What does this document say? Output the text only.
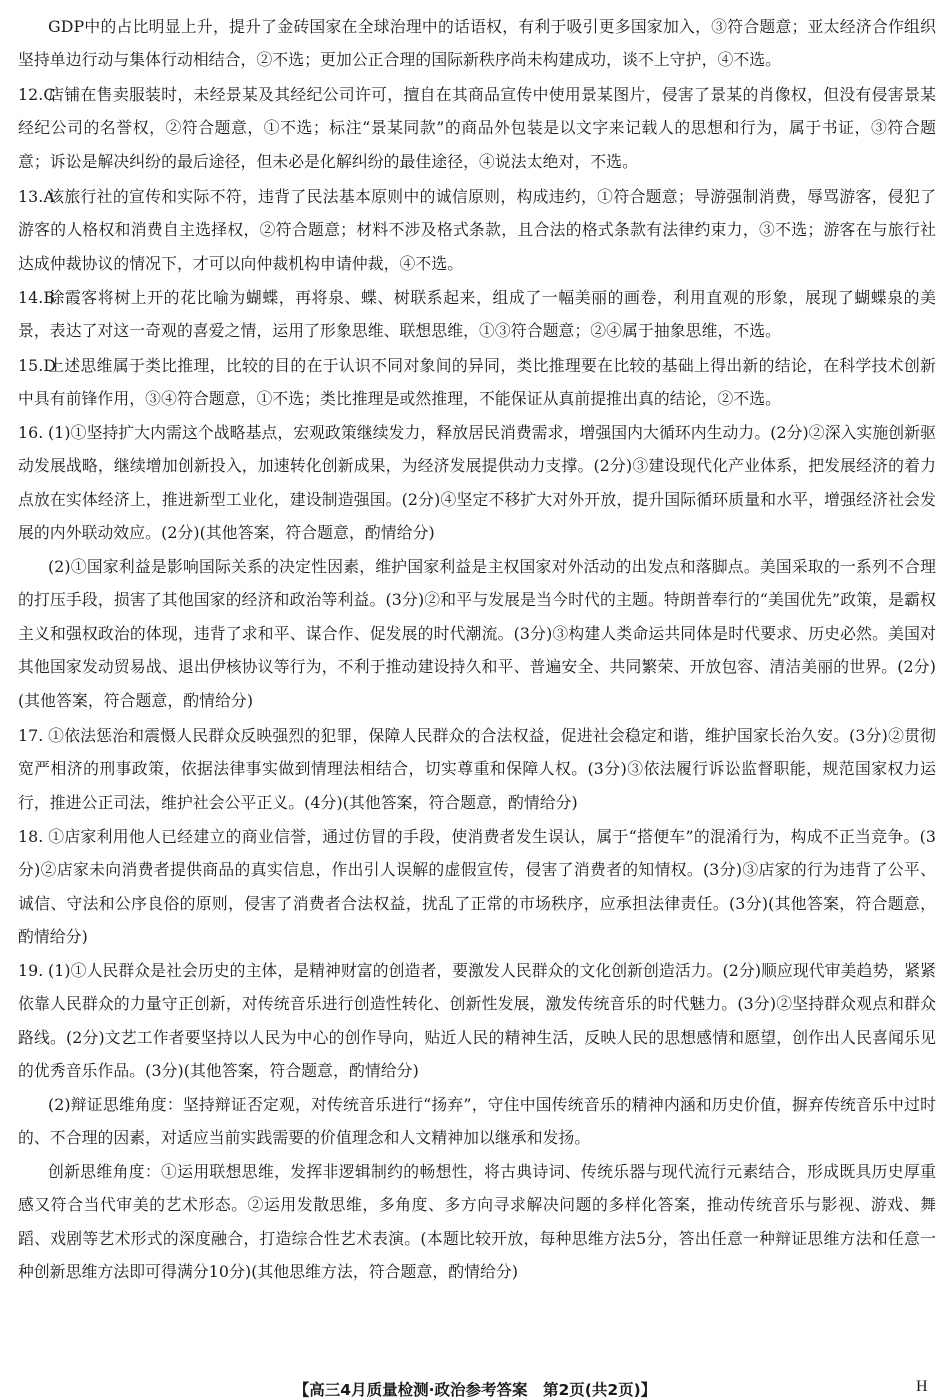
GDP中的占比明显上升，提升了金砖国家在全球治理中的话语权，有利于吸引更多国家加入，③符合题意；亚太经济合作组织坚持单边行动与集体行动相结合，②不选；更加公正合理的国际新秩序尚未构建成功，谈不上守护，④不选。
12.C店铺在售卖服装时，未经景某及其经纪公司许可，擅自在其商品宣传中使用景某图片，侵害了景某的肖像权，但没有侵害景某经纪公司的名誉权，②符合题意，①不选；标注“景某同款”的商品外包装是以文字来记载人的思想和行为，属于书证，③符合题意；诉讼是解决纠纷的最后途径，但未必是化解纠纷的最佳途径，④说法太绝对，不选。
13.A该旅行社的宣传和实际不符，违背了民法基本原则中的诚信原则，构成违约，①符合题意；导游强制消费，辱骂游客，侵犯了游客的人格权和消费自主选择权，②符合题意；材料不涉及格式条款，且合法的格式条款有法律约束力，③不选；游客在与旅行社达成仲裁协议的情况下，才可以向仲裁机构申请仲裁，④不选。
14.B徐霞客将树上开的花比喻为蝴蝶，再将泉、蝶、树联系起来，组成了一幅美丽的画卷，利用直观的形象，展现了蝴蝶泉的美景，表达了对这一奇观的喜爱之情，运用了形象思维、联想思维，①③符合题意；②④属于抽象思维，不选。
15.D上述思维属于类比推理，比较的目的在于认识不同对象间的异同，类比推理要在比较的基础上得出新的结论，在科学技术创新中具有前锋作用，③④符合题意，①不选；类比推理是或然推理，不能保证从真前提推出真的结论，②不选。
16. (1)①坚持扩大内需这个战略基点，宏观政策继续发力，释放居民消费需求，增强国内大循环内生动力。(2分)②深入实施创新驱动发展战略，继续增加创新投入，加速转化创新成果，为经济发展提供动力支撑。(2分)③建设现代化产业体系，把发展经济的着力点放在实体经济上，推进新型工业化，建设制造强国。(2分)④坚定不移扩大对外开放，提升国际循环质量和水平，增强经济社会发展的内外联动效应。(2分)(其他答案，符合题意，酌情给分)
(2)①国家利益是影响国际关系的决定性因素，维护国家利益是主权国家对外活动的出发点和落脚点。美国采取的一系列不合理的打压手段，损害了其他国家的经济和政治等利益。(3分)②和平与发展是当今时代的主题。特朗普奉行的“美国优先”政策，是霸权主义和强权政治的体现，违背了求和平、谋合作、促发展的时代潮流。(3分)③构建人类命运共同体是时代要求、历史必然。美国对其他国家发动贸易战、退出伊核协议等行为，不利于推动建设持久和平、普遍安全、共同繁荣、开放包容、清洁美丽的世界。(2分)(其他答案，符合题意，酌情给分)
17. ①依法惩治和震慑人民群众反映强烈的犯罪，保障人民群众的合法权益，促进社会稳定和谐，维护国家长治久安。(3分)②贯彻宽严相济的刑事政策，依据法律事实做到情理法相结合，切实尊重和保障人权。(3分)③依法履行诉讼监督职能，规范国家权力运行，推进公正司法，维护社会公平正义。(4分)(其他答案，符合题意，酌情给分)
18. ①店家利用他人已经建立的商业信誉，通过仿冒的手段，使消费者发生误认，属于“搭便车”的混淆行为，构成不正当竞争。(3分)②店家未向消费者提供商品的真实信息，作出引人误解的虚假宣传，侵害了消费者的知情权。(3分)③店家的行为违背了公平、诚信、守法和公序良俗的原则，侵害了消费者合法权益，扰乱了正常的市场秩序，应承担法律责任。(3分)(其他答案，符合题意，酌情给分)
19. (1)①人民群众是社会历史的主体，是精神财富的创造者，要激发人民群众的文化创新创造活力。(2分)顺应现代审美趋势，紧紧依靠人民群众的力量守正创新，对传统音乐进行创造性转化、创新性发展，激发传统音乐的时代魅力。(3分)②坚持群众观点和群众路线。(2分)文艺工作者要坚持以人民为中心的创作导向，贴近人民的精神生活，反映人民的思想感情和愿望，创作出人民喜闻乐见的优秀音乐作品。(3分)(其他答案，符合题意，酌情给分)
(2)辩证思维角度：坚持辩证否定观，对传统音乐进行“扬弃”，守住中国传统音乐的精神内涵和历史价值，摒弃传统音乐中过时的、不合理的因素，对适应当前实践需要的价值理念和人文精神加以继承和发扬。
创新思维角度：①运用联想思维，发挥非逻辑制约的畅想性，将古典诗词、传统乐器与现代流行元素结合，形成既具历史厚重感又符合当代审美的艺术形态。②运用发散思维，多角度、多方向寻求解决问题的多样化答案，推动传统音乐与影视、游戏、舞蹈、戏剧等艺术形式的深度融合，打造综合性艺术表演。(本题比较开放，每种思维方法5分，答出任意一种辩证思维方法和任意一种创新思维方法即可得满分10分)(其他思维方法，符合题意，酌情给分)
【高三4月质量检测·政治参考答案　第2页(共2页)】	H
